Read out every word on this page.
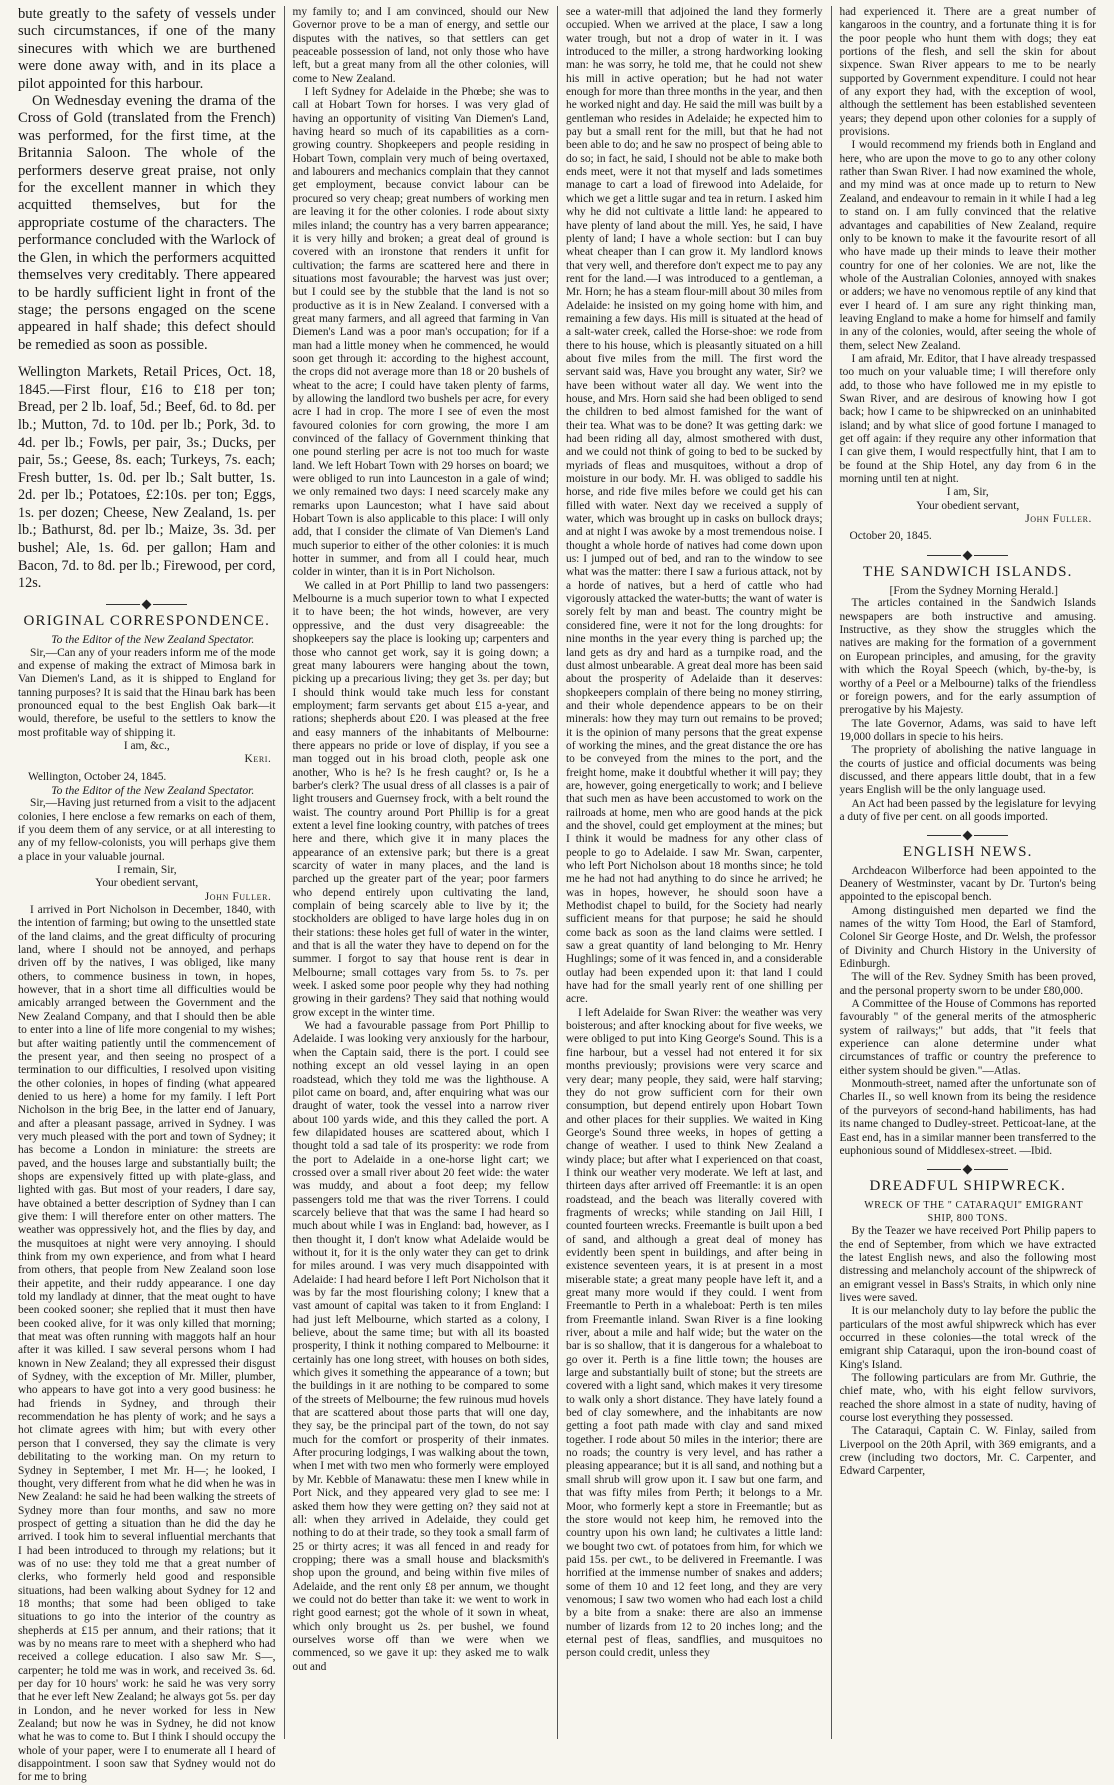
bute greatly to the safety of vessels under such circumstances, if one of the many sinecures with which we are burthened were done away with, and in its place a pilot appointed for this harbour.

On Wednesday evening the drama of the Cross of Gold (translated from the French) was performed, for the first time, at the Britannia Saloon. The whole of the performers deserve great praise, not only for the excellent manner in which they acquitted themselves, but for the appropriate costume of the characters. The performance concluded with the Warlock of the Glen, in which the performers acquitted themselves very creditably. There appeared to be hardly sufficient light in front of the stage; the persons engaged on the scene appeared in half shade; this defect should be remedied as soon as possible.

Wellington Markets, Retail Prices, Oct. 18, 1845.—First flour, £16 to £18 per ton; Bread, per 2 lb. loaf, 5d.; Beef, 6d. to 8d. per lb.; Mutton, 7d. to 10d. per lb.; Pork, 3d. to 4d. per lb.; Fowls, per pair, 3s.; Ducks, per pair, 5s.; Geese, 8s. each; Turkeys, 7s. each; Fresh butter, 1s. 0d. per lb.; Salt butter, 1s. 2d. per lb.; Potatoes, £2:10s. per ton; Eggs, 1s. per dozen; Cheese, New Zealand, 1s. per lb.; Bathurst, 8d. per lb.; Maize, 3s. 3d. per bushel; Ale, 1s. 6d. per gallon; Ham and Bacon, 7d. to 8d. per lb.; Firewood, per cord, 12s.

ORIGINAL CORRESPONDENCE.

To the Editor of the New Zealand Spectator.

Sir,—Can any of your readers inform me of the mode and expense of making the extract of Mimosa bark in Van Diemen's Land, as it is shipped to England for tanning purposes? It is said that the Hinau bark has been pronounced equal to the best English Oak bark—it would, therefore, be useful to the settlers to know the most profitable way of shipping it.

I am, &c.,

Keri.

Wellington, October 24, 1845.

To the Editor of the New Zealand Spectator.

Sir,—Having just returned from a visit to the adjacent colonies, I here enclose a few remarks on each of them, if you deem them of any service, or at all interesting to any of my fellow-colonists, you will perhaps give them a place in your valuable journal.

I remain, Sir,

Your obedient servant,

John Fuller.

I arrived in Port Nicholson in December, 1840, with the intention of farming; but owing to the unsettled state of the land claims, and the great difficulty of procuring land, where I should not be annoyed, and perhaps driven off by the natives, I was obliged, like many others, to commence business in town, in hopes, however, that in a short time all difficulties would be amicably arranged between the Government and the New Zealand Company, and that I should then be able to enter into a line of life more congenial to my wishes; but after waiting patiently until the commencement of the present year, and then seeing no prospect of a termination to our difficulties, I resolved upon visiting the other colonies, in hopes of finding (what appeared denied to us here) a home for my family. I left Port Nicholson in the brig Bee, in the latter end of January, and after a pleasant passage, arrived in Sydney. I was very much pleased with the port and town of Sydney; it has become a London in miniature: the streets are paved, and the houses large and substantially built; the shops are expensively fitted up with plate-glass, and lighted with gas. But most of your readers, I dare say, have obtained a better description of Sydney than I can give them: I will therefore enter on other matters. The weather was oppressively hot, and the flies by day, and the musquitoes at night were very annoying. I should think from my own experience, and from what I heard from others, that people from New Zealand soon lose their appetite, and their ruddy appearance. I one day told my landlady at dinner, that the meat ought to have been cooked sooner; she replied that it must then have been cooked alive, for it was only killed that morning; that meat was often running with maggots half an hour after it was killed. I saw several persons whom I had known in New Zealand; they all expressed their disgust of Sydney, with the exception of Mr. Miller, plumber, who appears to have got into a very good business: he had friends in Sydney, and through their recommendation he has plenty of work; and he says a hot climate agrees with him; but with every other person that I conversed, they say the climate is very debilitating to the working man. On my return to Sydney in September, I met Mr. H—; he looked, I thought, very different from what he did when he was in New Zealand: he said he had been walking the streets of Sydney more than four months, and saw no more prospect of getting a situation than he did the day he arrived. I took him to several influential merchants that I had been introduced to through my relations; but it was of no use: they told me that a great number of clerks, who formerly held good and responsible situations, had been walking about Sydney for 12 and 18 months; that some had been obliged to take situations to go into the interior of the country as shepherds at £15 per annum, and their rations; that it was by no means rare to meet with a shepherd who had received a college education. I also saw Mr. S—, carpenter; he told me was in work, and received 3s. 6d. per day for 10 hours' work: he said he was very sorry that he ever left New Zealand; he always got 5s. per day in London, and he never worked for less in New Zealand; but now he was in Sydney, he did not know what he was to come to. But I think I should occupy the whole of your paper, were I to enumerate all I heard of disappointment. I soon saw that Sydney would not do for me to bring

my family to; and I am convinced, should our New Governor prove to be a man of energy, and settle our disputes with the natives, so that settlers can get peaceable possession of land, not only those who have left, but a great many from all the other colonies, will come to New Zealand.

I left Sydney for Adelaide in the Phœbe; she was to call at Hobart Town for horses. I was very glad of having an opportunity of visiting Van Diemen's Land, having heard so much of its capabilities as a corn-growing country. Shopkeepers and people residing in Hobart Town, complain very much of being overtaxed, and labourers and mechanics complain that they cannot get employment, because convict labour can be procured so very cheap; great numbers of working men are leaving it for the other colonies. I rode about sixty miles inland; the country has a very barren appearance; it is very hilly and broken; a great deal of ground is covered with an ironstone that renders it unfit for cultivation; the farms are scattered here and there in situations most favourable; the harvest was just over; but I could see by the stubble that the land is not so productive as it is in New Zealand. I conversed with a great many farmers, and all agreed that farming in Van Diemen's Land was a poor man's occupation; for if a man had a little money when he commenced, he would soon get through it: according to the highest account, the crops did not average more than 18 or 20 bushels of wheat to the acre; I could have taken plenty of farms, by allowing the landlord two bushels per acre, for every acre I had in crop. The more I see of even the most favoured colonies for corn growing, the more I am convinced of the fallacy of Government thinking that one pound sterling per acre is not too much for waste land. We left Hobart Town with 29 horses on board; we were obliged to run into Launceston in a gale of wind; we only remained two days: I need scarcely make any remarks upon Launceston; what I have said about Hobart Town is also applicable to this place: I will only add, that I consider the climate of Van Diemen's Land much superior to either of the other colonies: it is much hotter in summer, and from all I could hear, much colder in winter, than it is in Port Nicholson.

We called in at Port Phillip to land two passengers: Melbourne is a much superior town to what I expected it to have been; the hot winds, however, are very oppressive, and the dust very disagreeable: the shopkeepers say the place is looking up; carpenters and those who cannot get work, say it is going down; a great many labourers were hanging about the town, picking up a precarious living; they get 3s. per day; but I should think would take much less for constant employment; farm servants get about £15 a-year, and rations; shepherds about £20. I was pleased at the free and easy manners of the inhabitants of Melbourne: there appears no pride or love of display, if you see a man togged out in his broad cloth, people ask one another, Who is he? Is he fresh caught? or, Is he a barber's clerk? The usual dress of all classes is a pair of light trousers and Guernsey frock, with a belt round the waist. The country around Port Phillip is for a great extent a level fine looking country, with patches of trees here and there, which give it in many places the appearance of an extensive park; but there is a great scarcity of water in many places, and the land is parched up the greater part of the year; poor farmers who depend entirely upon cultivating the land, complain of being scarcely able to live by it; the stockholders are obliged to have large holes dug in on their stations: these holes get full of water in the winter, and that is all the water they have to depend on for the summer. I forgot to say that house rent is dear in Melbourne; small cottages vary from 5s. to 7s. per week. I asked some poor people why they had nothing growing in their gardens? They said that nothing would grow except in the winter time.

We had a favourable passage from Port Phillip to Adelaide. I was looking very anxiously for the harbour, when the Captain said, there is the port. I could see nothing except an old vessel laying in an open roadstead, which they told me was the lighthouse. A pilot came on board, and, after enquiring what was our draught of water, took the vessel into a narrow river about 100 yards wide, and this they called the port. A few dilapidated houses are scattered about, which I thought told a sad tale of its prosperity: we rode from the port to Adelaide in a one-horse light cart; we crossed over a small river about 20 feet wide: the water was muddy, and about a foot deep; my fellow passengers told me that was the river Torrens. I could scarcely believe that that was the same I had heard so much about while I was in England: bad, however, as I then thought it, I don't know what Adelaide would be without it, for it is the only water they can get to drink for miles around. I was very much disappointed with Adelaide: I had heard before I left Port Nicholson that it was by far the most flourishing colony; I knew that a vast amount of capital was taken to it from England: I had just left Melbourne, which started as a colony, I believe, about the same time; but with all its boasted prosperity, I think it nothing compared to Melbourne: it certainly has one long street, with houses on both sides, which gives it something the appearance of a town; but the buildings in it are nothing to be compared to some of the streets of Melbourne; the few ruinous mud hovels that are scattered about those parts that will one day, they say, be the principal part of the town, do not say much for the comfort or prosperity of their inmates. After procuring lodgings, I was walking about the town, when I met with two men who formerly were employed by Mr. Kebble of Manawatu: these men I knew while in Port Nick, and they appeared very glad to see me: I asked them how they were getting on? they said not at all: when they arrived in Adelaide, they could get nothing to do at their trade, so they took a small farm of 25 or thirty acres; it was all fenced in and ready for cropping; there was a small house and blacksmith's shop upon the ground, and being within five miles of Adelaide, and the rent only £8 per annum, we thought we could not do better than take it: we went to work in right good earnest; got the whole of it sown in wheat, which only brought us 2s. per bushel, we found ourselves worse off than we were when we commenced, so we gave it up: they asked me to walk out and

see a water-mill that adjoined the land they formerly occupied. When we arrived at the place, I saw a long water trough, but not a drop of water in it. I was introduced to the miller, a strong hardworking looking man: he was sorry, he told me, that he could not shew his mill in active operation; but he had not water enough for more than three months in the year, and then he worked night and day. He said the mill was built by a gentleman who resides in Adelaide; he expected him to pay but a small rent for the mill, but that he had not been able to do; and he saw no prospect of being able to do so; in fact, he said, I should not be able to make both ends meet, were it not that myself and lads sometimes manage to cart a load of firewood into Adelaide, for which we get a little sugar and tea in return. I asked him why he did not cultivate a little land: he appeared to have plenty of land about the mill. Yes, he said, I have plenty of land; I have a whole section: but I can buy wheat cheaper than I can grow it. My landlord knows that very well, and therefore don't expect me to pay any rent for the land.—I was introduced to a gentleman, a Mr. Horn; he has a steam flour-mill about 30 miles from Adelaide: he insisted on my going home with him, and remaining a few days. His mill is situated at the head of a salt-water creek, called the Horse-shoe: we rode from there to his house, which is pleasantly situated on a hill about five miles from the mill. The first word the servant said was, Have you brought any water, Sir? we have been without water all day. We went into the house, and Mrs. Horn said she had been obliged to send the children to bed almost famished for the want of their tea. What was to be done? It was getting dark: we had been riding all day, almost smothered with dust, and we could not think of going to bed to be sucked by myriads of fleas and musquitoes, without a drop of moisture in our body. Mr. H. was obliged to saddle his horse, and ride five miles before we could get his can filled with water. Next day we received a supply of water, which was brought up in casks on bullock drays; and at night I was awoke by a most tremendous noise. I thought a whole horde of natives had come down upon us: I jumped out of bed, and ran to the window to see what was the matter: there I saw a furious attack, not by a horde of natives, but a herd of cattle who had vigorously attacked the water-butts; the want of water is sorely felt by man and beast. The country might be considered fine, were it not for the long droughts: for nine months in the year every thing is parched up; the land gets as dry and hard as a turnpike road, and the dust almost unbearable. A great deal more has been said about the prosperity of Adelaide than it deserves: shopkeepers complain of there being no money stirring, and their whole dependence appears to be on their minerals: how they may turn out remains to be proved; it is the opinion of many persons that the great expense of working the mines, and the great distance the ore has to be conveyed from the mines to the port, and the freight home, make it doubtful whether it will pay; they are, however, going energetically to work; and I believe that such men as have been accustomed to work on the railroads at home, men who are good hands at the pick and the shovel, could get employment at the mines; but I think it would be madness for any other class of people to go to Adelaide. I saw Mr. Swan, carpenter, who left Port Nicholson about 18 months since; he told me he had not had anything to do since he arrived; he was in hopes, however, he should soon have a Methodist chapel to build, for the Society had nearly sufficient means for that purpose; he said he should come back as soon as the land claims were settled. I saw a great quantity of land belonging to Mr. Henry Hughlings; some of it was fenced in, and a considerable outlay had been expended upon it: that land I could have had for the small yearly rent of one shilling per acre.

I left Adelaide for Swan River: the weather was very boisterous; and after knocking about for five weeks, we were obliged to put into King George's Sound. This is a fine harbour, but a vessel had not entered it for six months previously; provisions were very scarce and very dear; many people, they said, were half starving; they do not grow sufficient corn for their own consumption, but depend entirely upon Hobart Town and other places for their supplies. We waited in King George's Sound three weeks, in hopes of getting a change of weather. I used to think New Zealand a windy place; but after what I experienced on that coast, I think our weather very moderate. We left at last, and thirteen days after arrived off Freemantle: it is an open roadstead, and the beach was literally covered with fragments of wrecks; while standing on Jail Hill, I counted fourteen wrecks. Freemantle is built upon a bed of sand, and although a great deal of money has evidently been spent in buildings, and after being in existence seventeen years, it is at present in a most miserable state; a great many people have left it, and a great many more would if they could. I went from Freemantle to Perth in a whaleboat: Perth is ten miles from Freemantle inland. Swan River is a fine looking river, about a mile and half wide; but the water on the bar is so shallow, that it is dangerous for a whaleboat to go over it. Perth is a fine little town; the houses are large and substantially built of stone; but the streets are covered with a light sand, which makes it very tiresome to walk only a short distance. They have lately found a bed of clay somewhere, and the inhabitants are now getting a foot path made with clay and sand mixed together. I rode about 50 miles in the interior; there are no roads; the country is very level, and has rather a pleasing appearance; but it is all sand, and nothing but a small shrub will grow upon it. I saw but one farm, and that was fifty miles from Perth; it belongs to a Mr. Moor, who formerly kept a store in Freemantle; but as the store would not keep him, he removed into the country upon his own land; he cultivates a little land: we bought two cwt. of potatoes from him, for which we paid 15s. per cwt., to be delivered in Freemantle. I was horrified at the immense number of snakes and adders; some of them 10 and 12 feet long, and they are very venomous; I saw two women who had each lost a child by a bite from a snake: there are also an immense number of lizards from 12 to 20 inches long; and the eternal pest of fleas, sandflies, and musquitoes no person could credit, unless they

had experienced it. There are a great number of kangaroos in the country, and a fortunate thing it is for the poor people who hunt them with dogs; they eat portions of the flesh, and sell the skin for about sixpence. Swan River appears to me to be nearly supported by Government expenditure. I could not hear of any export they had, with the exception of wool, although the settlement has been established seventeen years; they depend upon other colonies for a supply of provisions.

I would recommend my friends both in England and here, who are upon the move to go to any other colony rather than Swan River. I had now examined the whole, and my mind was at once made up to return to New Zealand, and endeavour to remain in it while I had a leg to stand on. I am fully convinced that the relative advantages and capabilities of New Zealand, require only to be known to make it the favourite resort of all who have made up their minds to leave their mother country for one of her colonies. We are not, like the whole of the Australian Colonies, annoyed with snakes or adders; we have no venomous reptile of any kind that ever I heard of. I am sure any right thinking man, leaving England to make a home for himself and family in any of the colonies, would, after seeing the whole of them, select New Zealand.

I am afraid, Mr. Editor, that I have already trespassed too much on your valuable time; I will therefore only add, to those who have followed me in my epistle to Swan River, and are desirous of knowing how I got back; how I came to be shipwrecked on an uninhabited island; and by what slice of good fortune I managed to get off again: if they require any other information that I can give them, I would respectfully hint, that I am to be found at the Ship Hotel, any day from 6 in the morning until ten at night.

I am, Sir,

Your obedient servant,

John Fuller.

October 20, 1845.

THE SANDWICH ISLANDS.

[From the Sydney Morning Herald.]

The articles contained in the Sandwich Islands newspapers are both instructive and amusing. Instructive, as they show the struggles which the natives are making for the formation of a government on European principles, and amusing, for the gravity with which the Royal Speech (which, by-the-by, is worthy of a Peel or a Melbourne) talks of the friendless or foreign powers, and for the early assumption of prerogative by his Majesty.

The late Governor, Adams, was said to have left 19,000 dollars in specie to his heirs.

The propriety of abolishing the native language in the courts of justice and official documents was being discussed, and there appears little doubt, that in a few years English will be the only language used.

An Act had been passed by the legislature for levying a duty of five per cent. on all goods imported.

ENGLISH NEWS.

Archdeacon Wilberforce had been appointed to the Deanery of Westminster, vacant by Dr. Turton's being appointed to the episcopal bench.

Among distinguished men departed we find the names of the witty Tom Hood, the Earl of Stamford, Colonel Sir George Hoste, and Dr. Welsh, the professor of Divinity and Church History in the University of Edinburgh.

The will of the Rev. Sydney Smith has been proved, and the personal property sworn to be under £80,000.

A Committee of the House of Commons has reported favourably " of the general merits of the atmospheric system of railways;" but adds, that "it feels that experience can alone determine under what circumstances of traffic or country the preference to either system should be given."—Atlas.

Monmouth-street, named after the unfortunate son of Charles II., so well known from its being the residence of the purveyors of second-hand habiliments, has had its name changed to Dudley-street. Petticoat-lane, at the East end, has in a similar manner been transferred to the euphonious sound of Middlesex-street. —Ibid.

DREADFUL SHIPWRECK.

WRECK OF THE " CATARAQUI" EMIGRANT SHIP, 800 TONS.

By the Teazer we have received Port Philip papers to the end of September, from which we have extracted the latest English news, and also the following most distressing and melancholy account of the shipwreck of an emigrant vessel in Bass's Straits, in which only nine lives were saved.

It is our melancholy duty to lay before the public the particulars of the most awful shipwreck which has ever occurred in these colonies—the total wreck of the emigrant ship Cataraqui, upon the iron-bound coast of King's Island.

The following particulars are from Mr. Guthrie, the chief mate, who, with his eight fellow survivors, reached the shore almost in a state of nudity, having of course lost everything they possessed.

The Cataraqui, Captain C. W. Finlay, sailed from Liverpool on the 20th April, with 369 emigrants, and a crew (including two doctors, Mr. C. Carpenter, and Edward Carpenter,
